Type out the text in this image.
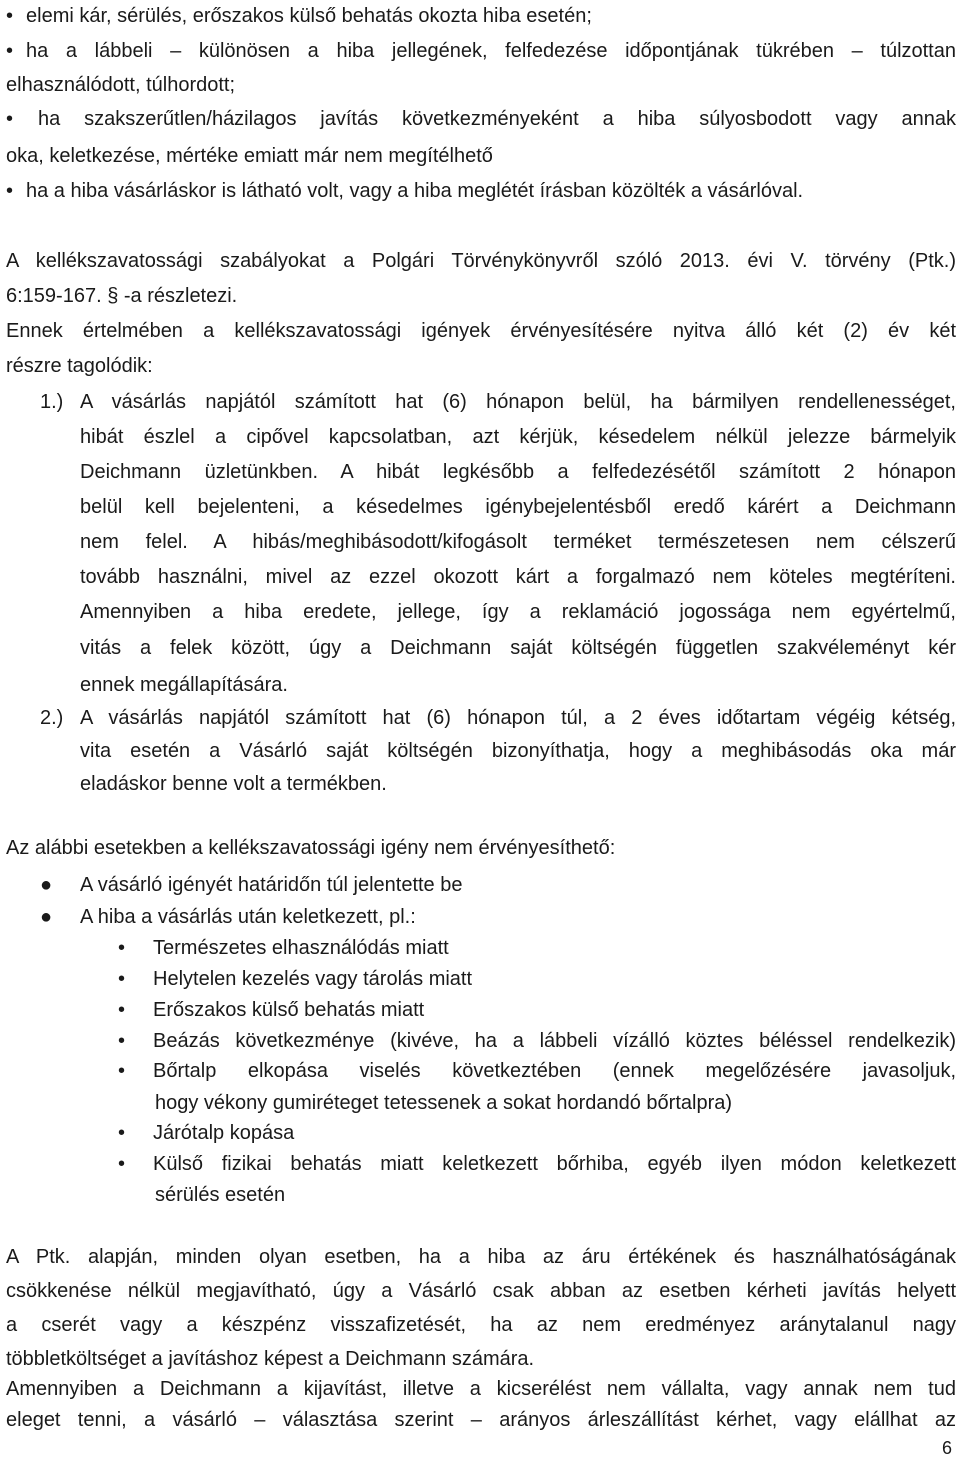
• elemi kár, sérülés, erőszakos külső behatás okozta hiba esetén;
• ha a lábbeli – különösen a hiba jellegének, felfedezése időpontjának tükrében – túlzottan
elhasználódott, túlhordott;
• ha szakszerűtlen/házilagos javítás következményeként a hiba súlyosbodott vagy annak
oka, keletkezése, mértéke emiatt már nem megítélhető
• ha a hiba vásárláskor is látható volt, vagy a hiba meglétét írásban közölték a vásárlóval.
A kellékszavatossági szabályokat a Polgári Törvénykönyvről szóló 2013. évi V. törvény (Ptk.)
6:159-167. § -a részletezi.
Ennek értelmében a kellékszavatossági igények érvényesítésére nyitva álló két (2) év két
részre tagolódik:
1.) A vásárlás napjától számított hat (6) hónapon belül, ha bármilyen rendellenességet,
hibát észlel a cipővel kapcsolatban, azt kérjük, késedelem nélkül jelezze bármelyik
Deichmann üzletünkben. A hibát legkésőbb a felfedezésétől számított 2 hónapon
belül kell bejelenteni, a késedelmes igénybejelentésből eredő kárért a Deichmann
nem felel. A hibás/meghibásodott/kifogásolt terméket természetesen nem célszerű
tovább használni, mivel az ezzel okozott kárt a forgalmazó nem köteles megtéríteni.
Amennyiben a hiba eredete, jellege, így a reklamáció jogossága nem egyértelmű,
vitás a felek között, úgy a Deichmann saját költségén független szakvéleményt kér
ennek megállapítására.
2.) A vásárlás napjától számított hat (6) hónapon túl, a 2 éves időtartam végéig kétség,
vita esetén a Vásárló saját költségén bizonyíthatja, hogy a meghibásodás oka már
eladáskor benne volt a termékben.
Az alábbi esetekben a kellékszavatossági igény nem érvényesíthető:
● A vásárló igényét határidőn túl jelentette be
● A hiba a vásárlás után keletkezett, pl.:
• Természetes elhasználódás miatt
• Helytelen kezelés vagy tárolás miatt
• Erőszakos külső behatás miatt
• Beázás következménye (kivéve, ha a lábbeli vízálló köztes béléssel rendelkezik)
• Bőrtalp elkopása viselés következtében (ennek megelőzésére javasoljuk,
hogy vékony gumiréteget tetessenek a sokat hordandó bőrtalpra)
• Járótalp kopása
• Külső fizikai behatás miatt keletkezett bőrhiba, egyéb ilyen módon keletkezett
sérülés esetén
A Ptk. alapján, minden olyan esetben, ha a hiba az áru értékének és használhatóságának
csökkenése nélkül megjavítható, úgy a Vásárló csak abban az esetben kérheti javítás helyett
a cserét vagy a készpénz visszafizetését, ha az nem eredményez aránytalanul nagy
többletköltséget a javításhoz képest a Deichmann számára.
Amennyiben a Deichmann a kijavítást, illetve a kicserélést nem vállalta, vagy annak nem tud
eleget tenni, a vásárló – választása szerint – arányos árleszállítást kérhet, vagy elállhat az
6
